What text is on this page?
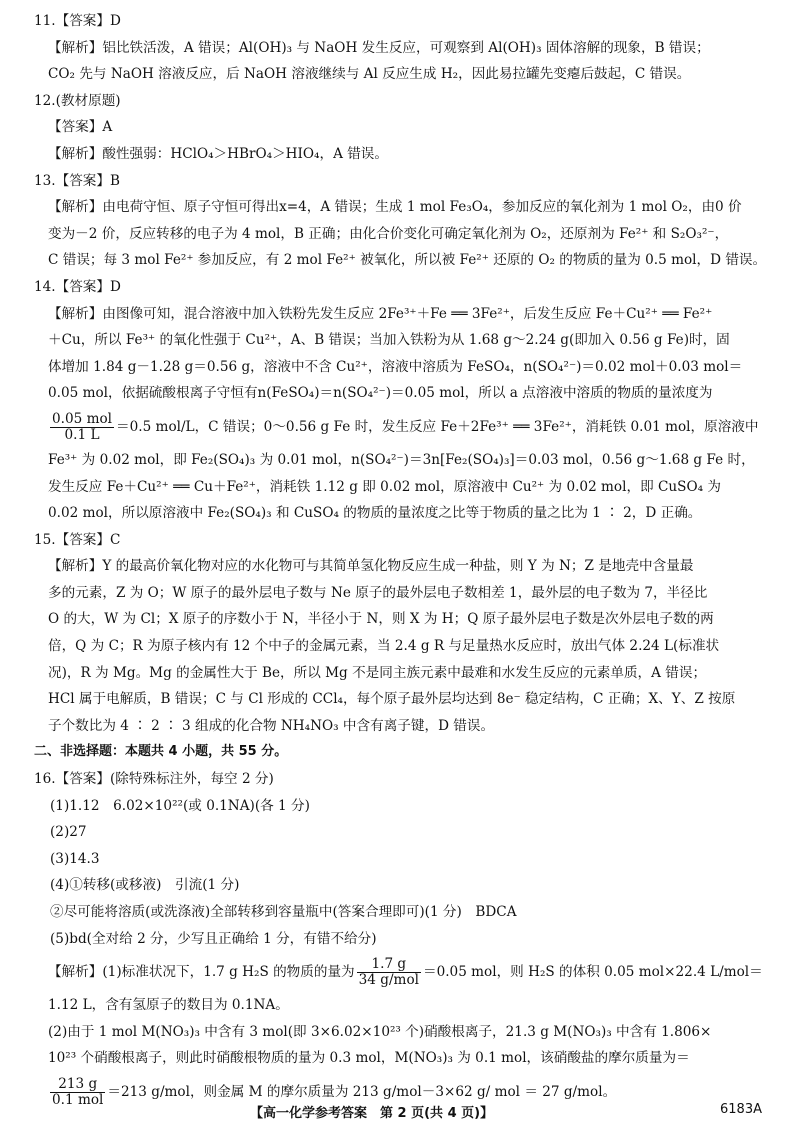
11.【答案】D
【解析】铝比铁活泼，A 错误；Al(OH)₃ 与 NaOH 发生反应，可观察到 Al(OH)₃ 固体溶解的现象，B 错误；
CO₂ 先与 NaOH 溶液反应，后 NaOH 溶液继续与 Al 反应生成 H₂，因此易拉罐先变瘪后鼓起，C 错误。
12.(教材原题)
【答案】A
【解析】酸性强弱：HClO₄＞HBrO₄＞HIO₄，A 错误。
13.【答案】B
【解析】由电荷守恒、原子守恒可得出x=4，A 错误；生成 1 mol Fe₃O₄，参加反应的氧化剂为 1 mol O₂，由0 价
变为－2 价，反应转移的电子为 4 mol，B 正确；由化合价变化可确定氧化剂为 O₂，还原剂为 Fe²⁺ 和 S₂O₃²⁻，
C 错误；每 3 mol Fe²⁺ 参加反应，有 2 mol Fe²⁺ 被氧化，所以被 Fe²⁺ 还原的 O₂ 的物质的量为 0.5 mol，D 错误。
14.【答案】D
【解析】由图像可知，混合溶液中加入铁粉先发生反应 2Fe³⁺＋Fe ══ 3Fe²⁺，后发生反应 Fe＋Cu²⁺ ══ Fe²⁺
＋Cu，所以 Fe³⁺ 的氧化性强于 Cu²⁺，A、B 错误；当加入铁粉为从 1.68 g～2.24 g(即加入 0.56 g Fe)时，固
体增加 1.84 g－1.28 g＝0.56 g，溶液中不含 Cu²⁺，溶液中溶质为 FeSO₄，n(SO₄²⁻)＝0.02 mol＋0.03 mol＝
0.05 mol，依据硫酸根离子守恒有n(FeSO₄)＝n(SO₄²⁻)＝0.05 mol，所以 a 点溶液中溶质的物质的量浓度为
$\frac{\text{0.05 mol}}{0.1 L} =0.5$ mol/L，C 错误；0～0.56 g Fe 时，发生反应 Fe＋2Fe³⁺ ══ 3Fe²⁺，消耗铁 0.01 mol，原溶液中
Fe³⁺ 为 0.02 mol，即 Fe₂(SO₄)₃ 为 0.01 mol，n(SO₄²⁻)＝3n[Fe₂(SO₄)₃]＝0.03 mol，0.56 g～1.68 g Fe 时，
发生反应 Fe＋Cu²⁺ ══ Cu＋Fe²⁺，消耗铁 1.12 g 即 0.02 mol，原溶液中 Cu²⁺ 为 0.02 mol，即 CuSO₄ 为
0.02 mol，所以原溶液中 Fe₂(SO₄)₃ 和 CuSO₄ 的物质的量浓度之比等于物质的量之比为 1 ∶ 2，D 正确。
15.【答案】C
【解析】Y 的最高价氧化物对应的水化物可与其简单氢化物反应生成一种盐，则 Y 为 N；Z 是地壳中含量最
多的元素，Z 为 O；W 原子的最外层电子数与 Ne 原子的最外层电子数相差 1，最外层的电子数为 7，半径比
O 的大，W 为 Cl；X 原子的序数小于 N，半径小于 N，则 X 为 H；Q 原子最外层电子数是次外层电子数的两
倍，Q 为 C；R 为原子核内有 12 个中子的金属元素，当 2.4 g R 与足量热水反应时，放出气体 2.24 L(标准状
况)，R 为 Mg。Mg 的金属性大于 Be，所以 Mg 不是同主族元素中最难和水发生反应的元素单质，A 错误；
HCl 属于电解质，B 错误；C 与 Cl 形成的 CCl₄，每个原子最外层均达到 8e⁻ 稳定结构，C 正确；X、Y、Z 按原
子个数比为 4 ∶ 2 ∶ 3 组成的化合物 NH₄NO₃ 中含有离子键，D 错误。
二、非选择题：本题共 4 小题，共 55 分。
16.【答案】(除特殊标注外，每空 2 分)
(1)1.12　6.02×10²²(或 0.1NA)(各 1 分)
(2)27
(3)14.3
(4)①转移(或移液)　引流(1 分)
②尽可能将溶质(或洗涤液)全部转移到容量瓶中(答案合理即可)(1 分)　BDCA
(5)bd(全对给 2 分，少写且正确给 1 分，有错不给分)
【解析】(1)标准状况下，1.7 g H₂S 的物质的量为 $\frac{1.7 g}{\text{34 g/mol}} =0.05$ mol，则 H₂S 的体积 0.05 mol×22.4 L/mol＝
1.12 L，含有氢原子的数目为 0.1NA。
(2)由于 1 mol M(NO₃)₃ 中含有 3 mol(即 3×6.02×10²³ 个)硝酸根离子，21.3 g M(NO₃)₃ 中含有 1.806×
10²³ 个硝酸根离子，则此时硝酸根物质的量为 0.3 mol，M(NO₃)₃ 为 0.1 mol，该硝酸盐的摩尔质量为＝
$\frac{213 g}{\text{0.1 mol}} =213$ g/mol，则金属 M 的摩尔质量为 213 g/mol－3×62 g/ mol ＝ 27 g/mol。
【高一化学参考答案　第 2 页(共 4 页)】	6183A
